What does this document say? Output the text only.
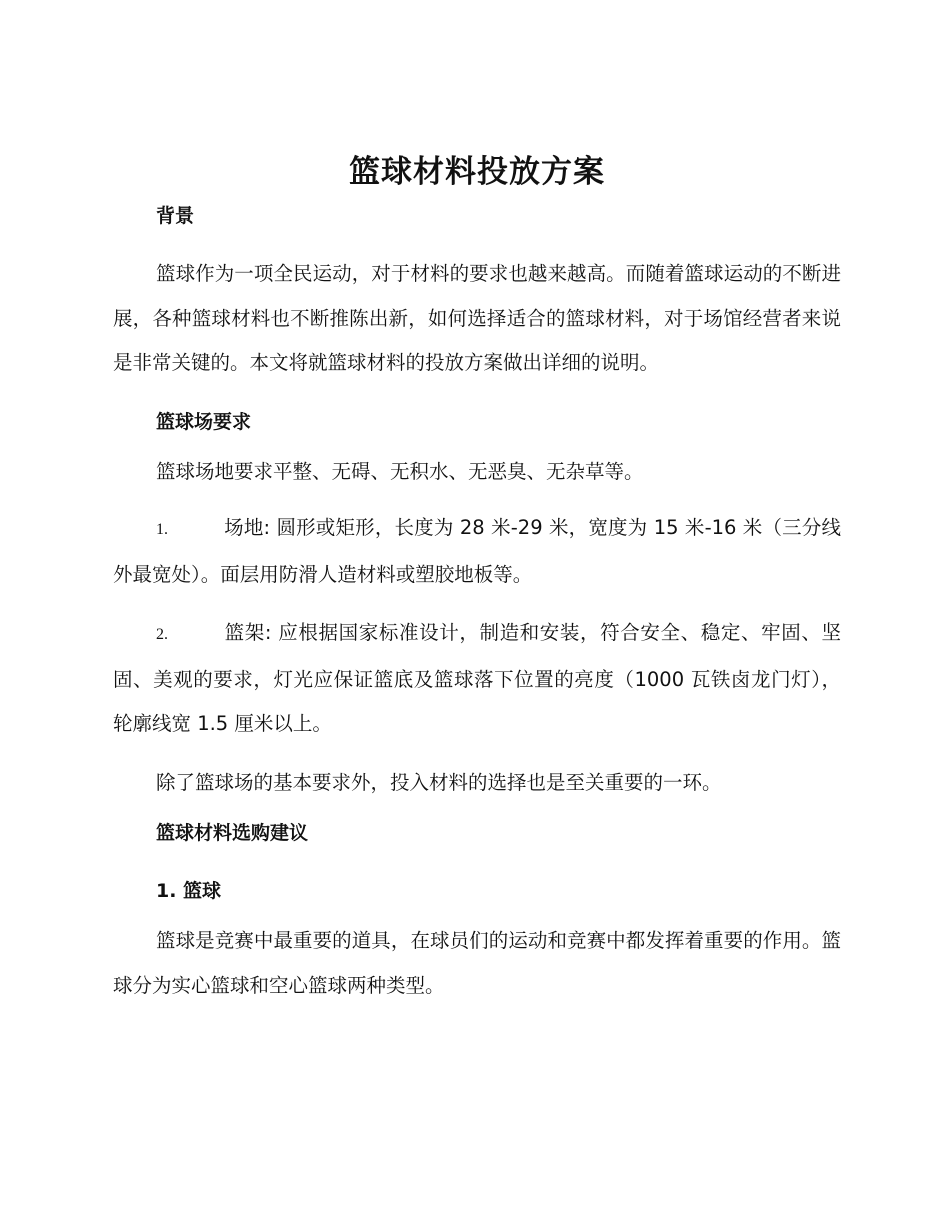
篮球材料投放方案

背景

篮球作为一项全民运动，对于材料的要求也越来越高。而随着篮球运动的不断进展，各种篮球材料也不断推陈出新，如何选择适合的篮球材料，对于场馆经营者来说是非常关键的。本文将就篮球材料的投放方案做出详细的说明。

篮球场要求

篮球场地要求平整、无碍、无积水、无恶臭、无杂草等。

1.	场地: 圆形或矩形，长度为 28 米-29 米，宽度为 15 米-16 米（三分线外最宽处）。面层用防滑人造材料或塑胶地板等。

2.	篮架: 应根据国家标准设计，制造和安装，符合安全、稳定、牢固、坚固、美观的要求，灯光应保证篮底及篮球落下位置的亮度（1000 瓦铁卤龙门灯），轮廓线宽 1.5 厘米以上。

除了篮球场的基本要求外，投入材料的选择也是至关重要的一环。

篮球材料选购建议

1. 篮球

篮球是竞赛中最重要的道具，在球员们的运动和竞赛中都发挥着重要的作用。篮球分为实心篮球和空心篮球两种类型。
